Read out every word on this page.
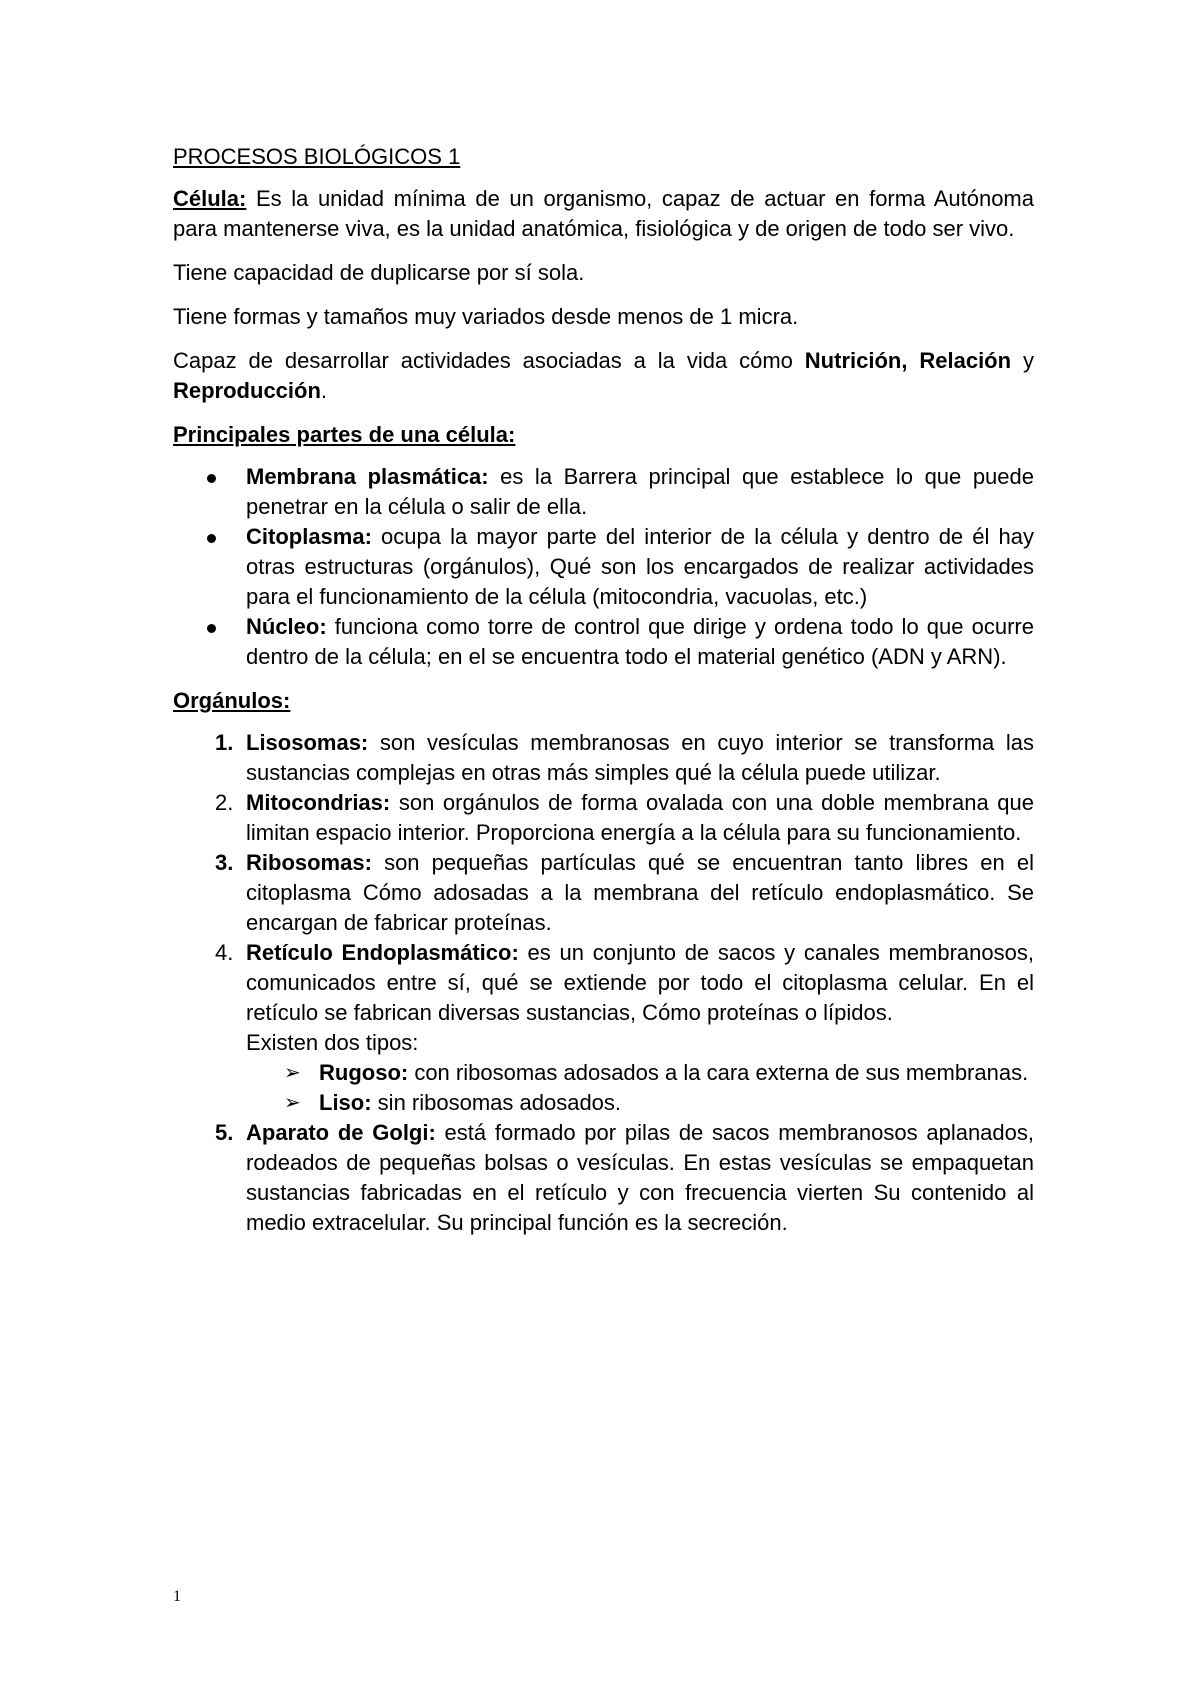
PROCESOS BIOLÓGICOS 1

Célula: Es la unidad mínima de un organismo, capaz de actuar en forma Autónoma para mantenerse viva, es la unidad anatómica, fisiológica y de origen de todo ser vivo.

Tiene capacidad de duplicarse por sí sola.

Tiene formas y tamaños muy variados desde menos de 1 micra.

Capaz de desarrollar actividades asociadas a la vida cómo Nutrición, Relación y Reproducción.

Principales partes de una célula:

Membrana plasmática: es la Barrera principal que establece lo que puede penetrar en la célula o salir de ella.
Citoplasma: ocupa la mayor parte del interior de la célula y dentro de él hay otras estructuras (orgánulos), Qué son los encargados de realizar actividades para el funcionamiento de la célula (mitocondria, vacuolas, etc.)
Núcleo: funciona como torre de control que dirige y ordena todo lo que ocurre dentro de la célula; en el se encuentra todo el material genético (ADN y ARN).

Orgánulos:

1. Lisosomas: son vesículas membranosas en cuyo interior se transforma las sustancias complejas en otras más simples qué la célula puede utilizar.
2. Mitocondrias: son orgánulos de forma ovalada con una doble membrana que limitan espacio interior. Proporciona energía a la célula para su funcionamiento.
3. Ribosomas: son pequeñas partículas qué se encuentran tanto libres en el citoplasma Cómo adosadas a la membrana del retículo endoplasmático. Se encargan de fabricar proteínas.
4. Retículo Endoplasmático: es un conjunto de sacos y canales membranosos, comunicados entre sí, qué se extiende por todo el citoplasma celular. En el retículo se fabrican diversas sustancias, Cómo proteínas o lípidos.
Existen dos tipos:
➢ Rugoso: con ribosomas adosados a la cara externa de sus membranas.
➢ Liso: sin ribosomas adosados.
5. Aparato de Golgi: está formado por pilas de sacos membranosos aplanados, rodeados de pequeñas bolsas o vesículas. En estas vesículas se empaquetan sustancias fabricadas en el retículo y con frecuencia vierten Su contenido al medio extracelular. Su principal función es la secreción.
1
